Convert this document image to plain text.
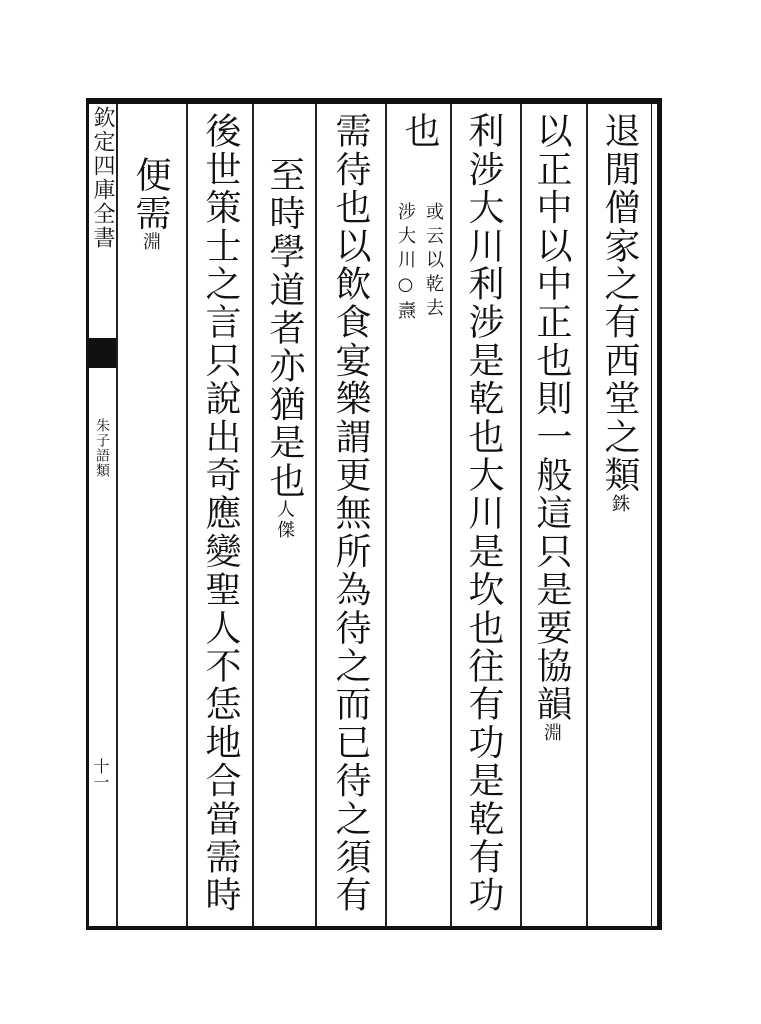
欽定四庫全書
朱子語類
十一
退閒僧家之有西堂之類銖
以正中以中正也則一般這只是要協韻淵
利涉大川利涉是乾也大川是坎也往有功是乾有功
也
或云以乾去
涉大川○燾
需待也以飲食宴樂謂更無所為待之而已待之須有
至時學道者亦猶是也人傑
後世策士之言只說出奇應變聖人不恁地合當需時
便需淵
